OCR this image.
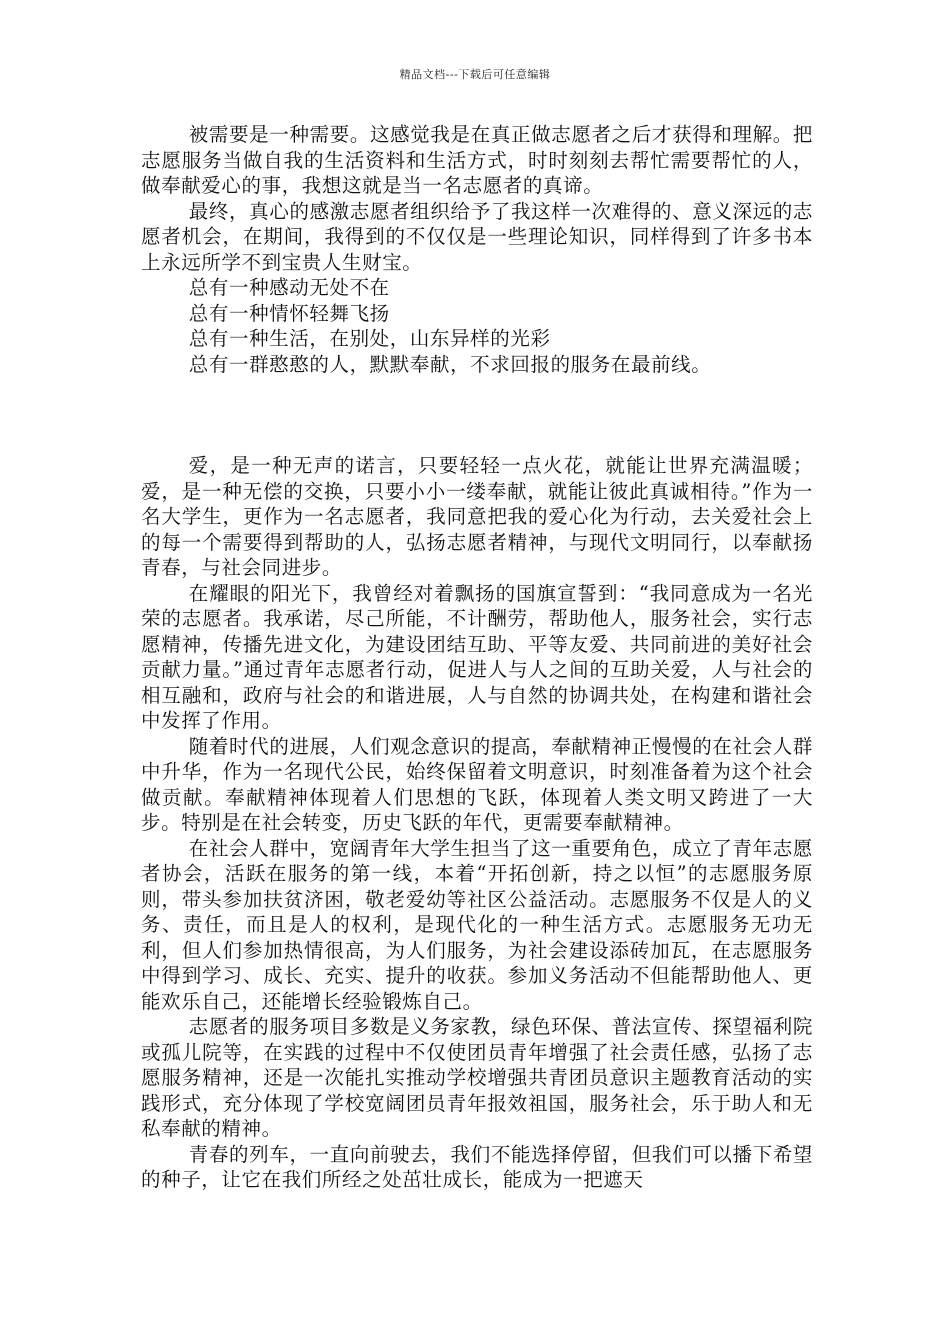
精品文档---下载后可任意编辑

被需要是一种需要。这感觉我是在真正做志愿者之后才获得和理解。把志愿服务当做自我的生活资料和生活方式，时时刻刻去帮忙需要帮忙的人，做奉献爱心的事，我想这就是当一名志愿者的真谛。

最终，真心的感激志愿者组织给予了我这样一次难得的、意义深远的志愿者机会，在期间，我得到的不仅仅是一些理论知识，同样得到了许多书本上永远所学不到宝贵人生财宝。

总有一种感动无处不在

总有一种情怀轻舞飞扬

总有一种生活，在别处，山东异样的光彩

总有一群憨憨的人，默默奉献，不求回报的服务在最前线。

爱，是一种无声的诺言，只要轻轻一点火花，就能让世界充满温暖；爱，是一种无偿的交换，只要小小一缕奉献，就能让彼此真诚相待。”作为一名大学生，更作为一名志愿者，我同意把我的爱心化为行动，去关爱社会上的每一个需要得到帮助的人，弘扬志愿者精神，与现代文明同行，以奉献扬青春，与社会同进步。

在耀眼的阳光下，我曾经对着飘扬的国旗宣誓到：“我同意成为一名光荣的志愿者。我承诺，尽己所能，不计酬劳，帮助他人，服务社会，实行志愿精神，传播先进文化，为建设团结互助、平等友爱、共同前进的美好社会贡献力量。”通过青年志愿者行动，促进人与人之间的互助关爱，人与社会的相互融和，政府与社会的和谐进展，人与自然的协调共处，在构建和谐社会中发挥了作用。

随着时代的进展，人们观念意识的提高，奉献精神正慢慢的在社会人群中升华，作为一名现代公民，始终保留着文明意识，时刻准备着为这个社会做贡献。奉献精神体现着人们思想的飞跃，体现着人类文明又跨进了一大步。特别是在社会转变，历史飞跃的年代，更需要奉献精神。

在社会人群中，宽阔青年大学生担当了这一重要角色，成立了青年志愿者协会，活跃在服务的第一线，本着“开拓创新，持之以恒”的志愿服务原则，带头参加扶贫济困，敬老爱幼等社区公益活动。志愿服务不仅是人的义务、责任，而且是人的权利，是现代化的一种生活方式。志愿服务无功无利，但人们参加热情很高，为人们服务，为社会建设添砖加瓦，在志愿服务中得到学习、成长、充实、提升的收获。参加义务活动不但能帮助他人、更能欢乐自己，还能增长经验锻炼自己。

志愿者的服务项目多数是义务家教，绿色环保、普法宣传、探望福利院或孤儿院等，在实践的过程中不仅使团员青年增强了社会责任感，弘扬了志愿服务精神，还是一次能扎实推动学校增强共青团员意识主题教育活动的实践形式，充分体现了学校宽阔团员青年报效祖国，服务社会，乐于助人和无私奉献的精神。

青春的列车，一直向前驶去，我们不能选择停留，但我们可以播下希望的种子，让它在我们所经之处茁壮成长，能成为一把遮天
